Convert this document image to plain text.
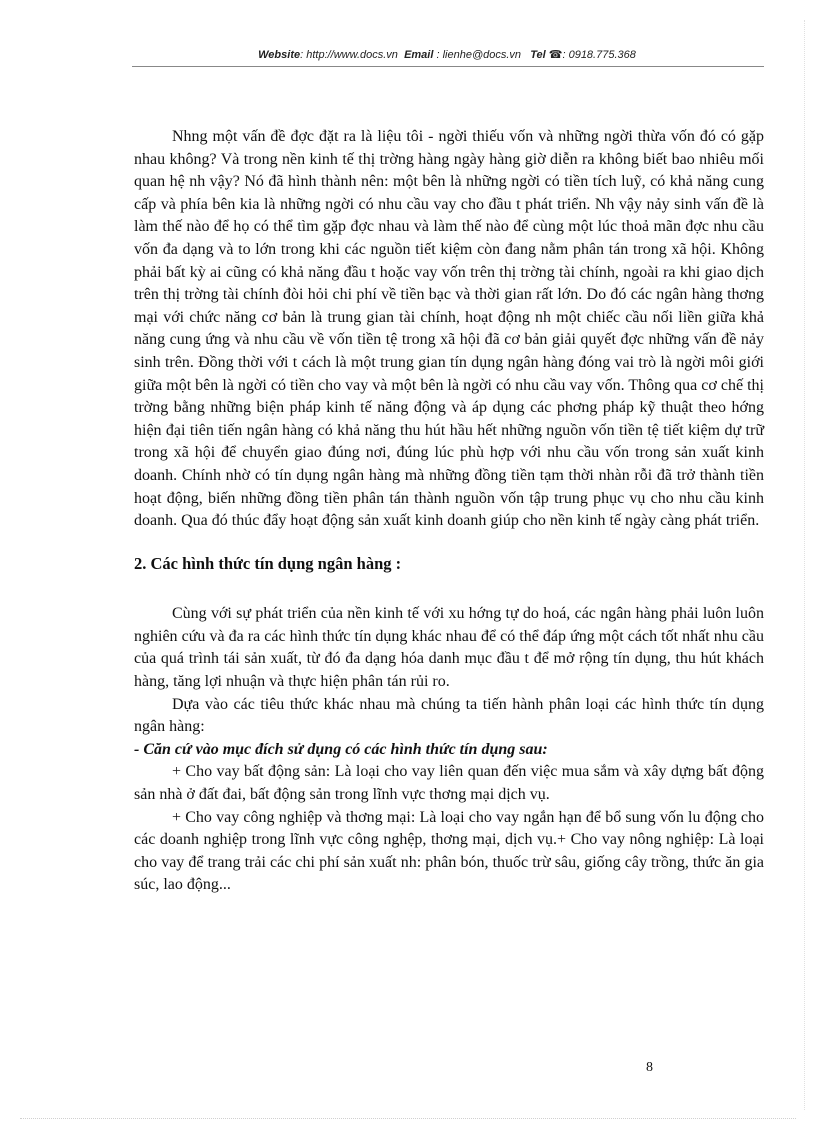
Website: http://www.docs.vn Email : lienhe@docs.vn Tel ☎: 0918.775.368

Nhng một vấn đề đợc đặt ra là liệu tôi - ngời thiếu vốn và những ngời thừa vốn đó có gặp nhau không? Và trong nền kinh tế thị trờng hàng ngày hàng giờ diễn ra không biết bao nhiêu mối quan hệ nh vậy? Nó đã hình thành nên: một bên là những ngời có tiền tích luỹ, có khả năng cung cấp và phía bên kia là những ngời có nhu cầu vay cho đầu t phát triển. Nh vậy nảy sinh vấn đề là làm thế nào để họ có thể tìm gặp đợc nhau và làm thế nào để cùng một lúc thoả mãn đợc nhu cầu vốn đa dạng và to lớn trong khi các nguồn tiết kiệm còn đang nằm phân tán trong xã hội. Không phải bất kỳ ai cũng có khả năng đầu t hoặc vay vốn trên thị trờng tài chính, ngoài ra khi giao dịch trên thị trờng tài chính đòi hỏi chi phí về tiền bạc và thời gian rất lớn. Do đó các ngân hàng thơng mại với chức năng cơ bản là trung gian tài chính, hoạt động nh một chiếc cầu nối liền giữa khả năng cung ứng và nhu cầu về vốn tiền tệ trong xã hội đã cơ bản giải quyết đợc những vấn đề nảy sinh trên. Đồng thời với t cách là một trung gian tín dụng ngân hàng đóng vai trò là ngời môi giới giữa một bên là ngời có tiền cho vay và một bên là ngời có nhu cầu vay vốn. Thông qua cơ chế thị trờng bằng những biện pháp kinh tế năng động và áp dụng các phơng pháp kỹ thuật theo hớng hiện đại tiên tiến ngân hàng có khả năng thu hút hầu hết những nguồn vốn tiền tệ tiết kiệm dự trữ trong xã hội để chuyển giao đúng nơi, đúng lúc phù hợp với nhu cầu vốn trong sản xuất kinh doanh. Chính nhờ có tín dụng ngân hàng mà những đồng tiền tạm thời nhàn rỗi đã trở thành tiền hoạt động, biến những đồng tiền phân tán thành nguồn vốn tập trung phục vụ cho nhu cầu kinh doanh. Qua đó thúc đẩy hoạt động sản xuất kinh doanh giúp cho nền kinh tế ngày càng phát triển.

2. Các hình thức tín dụng ngân hàng :

Cùng với sự phát triển của nền kinh tế với xu hớng tự do hoá, các ngân hàng phải luôn luôn nghiên cứu và đa ra các hình thức tín dụng khác nhau để có thể đáp ứng một cách tốt nhất nhu cầu của quá trình tái sản xuất, từ đó đa dạng hóa danh mục đầu t để mở rộng tín dụng, thu hút khách hàng, tăng lợi nhuận và thực hiện phân tán rủi ro.

Dựa vào các tiêu thức khác nhau mà chúng ta tiến hành phân loại các hình thức tín dụng ngân hàng:

- Căn cứ vào mục đích sử dụng có các hình thức tín dụng sau:

+ Cho vay bất động sản: Là loại cho vay liên quan đến việc mua sắm và xây dựng bất động sản nhà ở đất đai, bất động sản trong lĩnh vực thơng mại dịch vụ.

+ Cho vay công nghiệp và thơng mại: Là loại cho vay ngắn hạn để bổ sung vốn lu động cho các doanh nghiệp trong lĩnh vực công nghệp, thơng mại, dịch vụ.+ Cho vay nông nghiệp: Là loại cho vay để trang trải các chi phí sản xuất nh: phân bón, thuốc trừ sâu, giống cây trồng, thức ăn gia súc, lao động...

8
